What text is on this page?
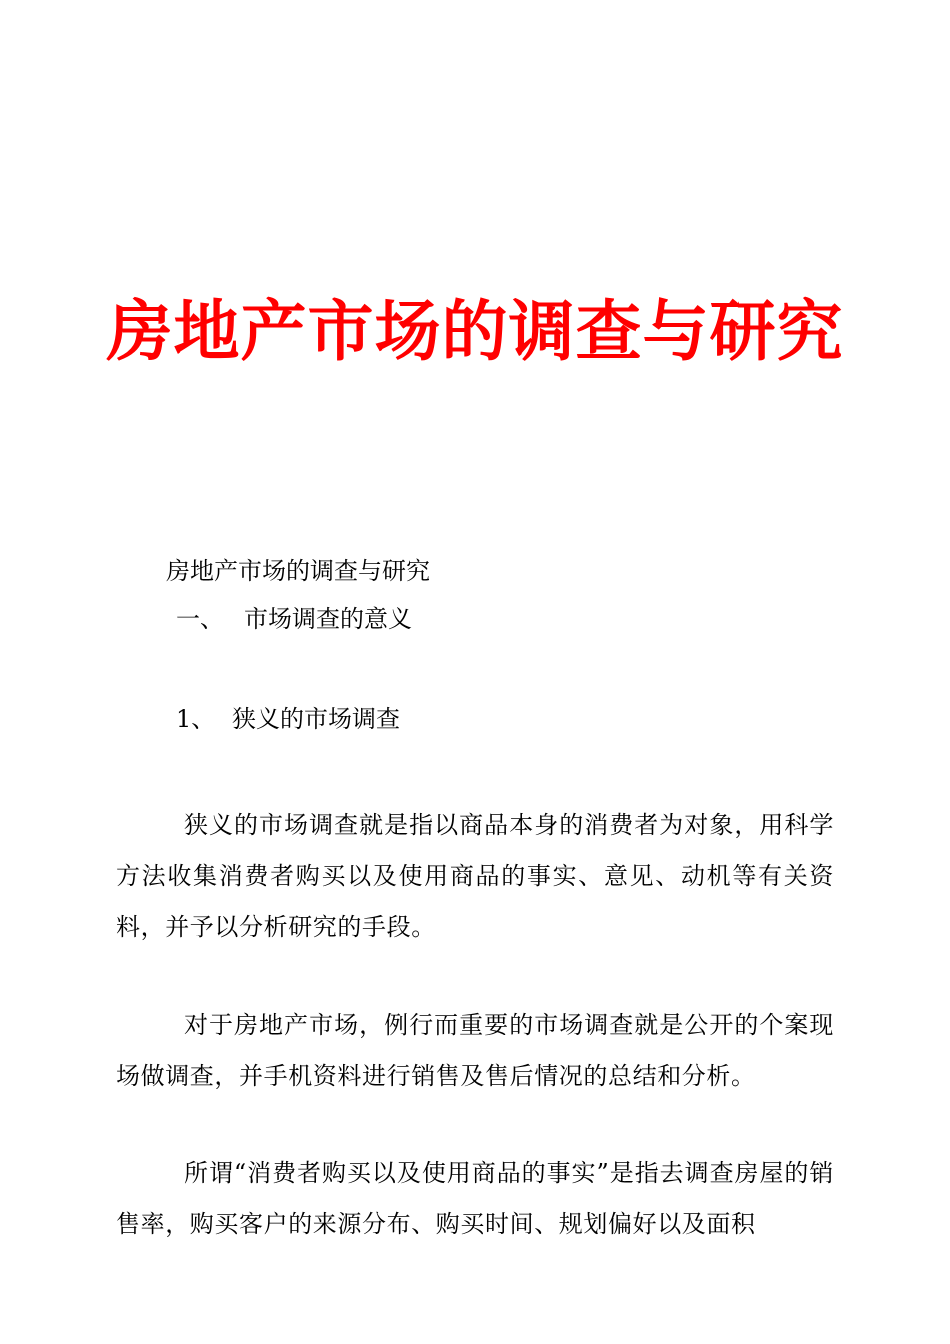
房地产市场的调查与研究
房地产市场的调查与研究
一、 市场调查的意义
1、 狭义的市场调查

狭义的市场调查就是指以商品本身的消费者为对象，用科学方法收集消费者购买以及使用商品的事实、意见、动机等有关资料，并予以分析研究的手段。

对于房地产市场，例行而重要的市场调查就是公开的个案现场做调查，并手机资料进行销售及售后情况的总结和分析。

所谓“消费者购买以及使用商品的事实”是指去调查房屋的销售率，购买客户的来源分布、购买时间、规划偏好以及面积
